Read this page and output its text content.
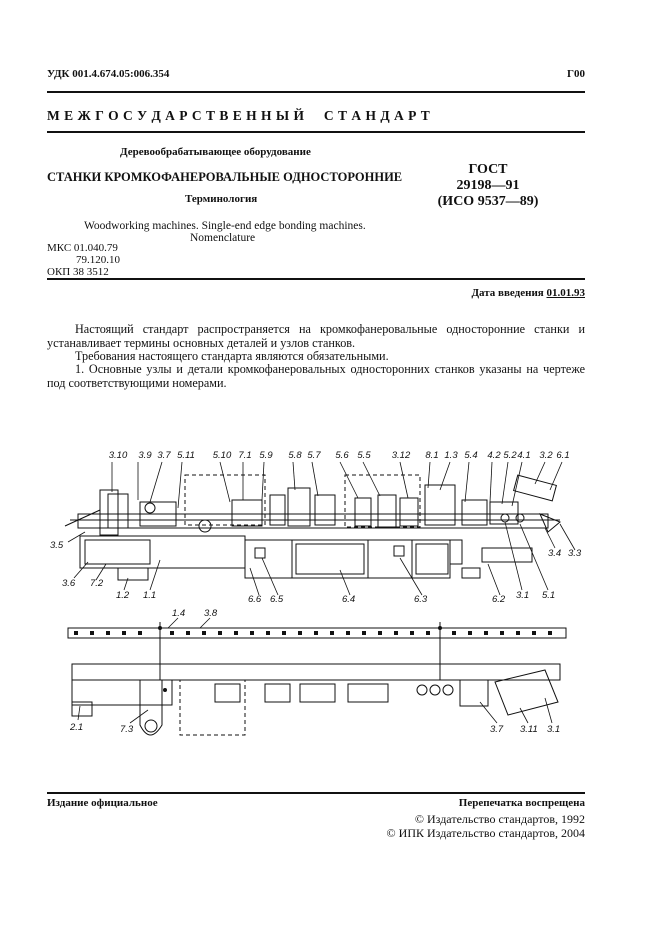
УДК 001.4.674.05:006.354	Г00
М Е Ж Г О С У Д А Р С Т В Е Н Н Ы Й     С Т А Н Д А Р Т
Деревообрабатывающее оборудование
СТАНКИ КРОМКОФАНЕРОВАЛЬНЫЕ ОДНОСТОРОННИЕ
Терминология
Woodworking machines. Single-end edge bonding machines.
Nomenclature
ГОСТ
29198—91
(ИСО 9537—89)
МКС 01.040.79
79.120.10
ОКП 38 3512
Дата введения 01.01.93
Настоящий стандарт распространяется на кромкофанеровальные односторонние станки и
устанавливает термины основных деталей и узлов станков.
Требования настоящего стандарта являются обязательными.
1. Основные узлы и детали кромкофанеровальных односторонних станков указаны на чертеже
под соответствующими номерами.
3.10 3.9 3.7 5.11 5.10 7.1 5.9 5.8 5.7 5.6 5.5 3.12 8.1 1.3 5.4 4.2 5.2 4.1 3.2 6.1
3.5
3.6 7.2
1.2 1.1	6.6 6.5	6.4	6.3	6.2 3.1 5.1
3.4 3.3
1.4 3.8
2.1	7.3	3.7 3.11 3.1
Издание официальное	Перепечатка воспрещена
© Издательство стандартов, 1992
© ИПК Издательство стандартов, 2004
